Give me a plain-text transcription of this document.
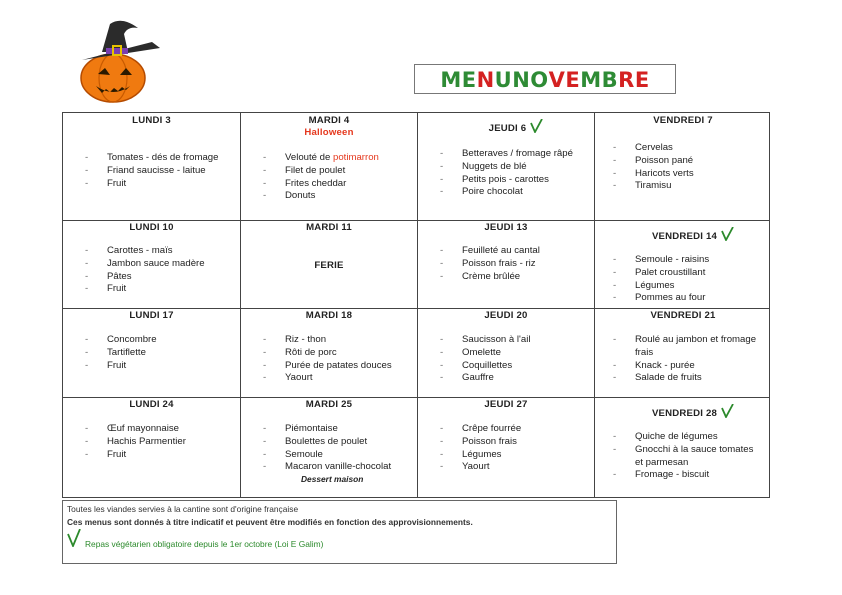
MENUNOVEMBRE
LUNDI 3
- Tomates - dés de fromage
- Friand saucisse - laitue
- Fruit
MARDI 4
Halloween
- Velouté de potimarron
- Filet de poulet
- Frites cheddar
- Donuts
JEUDI 6
- Betteraves / fromage râpé
- Nuggets de blé
- Petits pois - carottes
- Poire chocolat
VENDREDI 7
- Cervelas
- Poisson pané
- Haricots verts
- Tiramisu
LUNDI 10
- Carottes - maïs
- Jambon sauce madère
- Pâtes
- Fruit
MARDI 11
FERIE
JEUDI 13
- Feuilleté au cantal
- Poisson frais - riz
- Crème brûlée
VENDREDI 14
- Semoule - raisins
- Palet croustillant
- Légumes
- Pommes au four
LUNDI 17
- Concombre
- Tartiflette
- Fruit
MARDI 18
- Riz - thon
- Rôti de porc
- Purée de patates douces
- Yaourt
JEUDI 20
- Saucisson à l'ail
- Omelette
- Coquillettes
- Gauffre
VENDREDI 21
- Roulé au jambon et fromage frais
- Knack - purée
- Salade de fruits
LUNDI 24
- Œuf mayonnaise
- Hachis Parmentier
- Fruit
MARDI 25
- Piémontaise
- Boulettes de poulet
- Semoule
- Macaron vanille-chocolat
Dessert maison
JEUDI 27
- Crêpe fourrée
- Poisson frais
- Légumes
- Yaourt
VENDREDI 28
- Quiche de légumes
- Gnocchi à la sauce tomates et parmesan
- Fromage - biscuit
Toutes les viandes servies à la cantine sont d'origine française
Ces menus sont donnés à titre indicatif et peuvent être modifiés en fonction des approvisionnements.
Repas végétarien obligatoire depuis le 1er octobre (Loi E Galim)
